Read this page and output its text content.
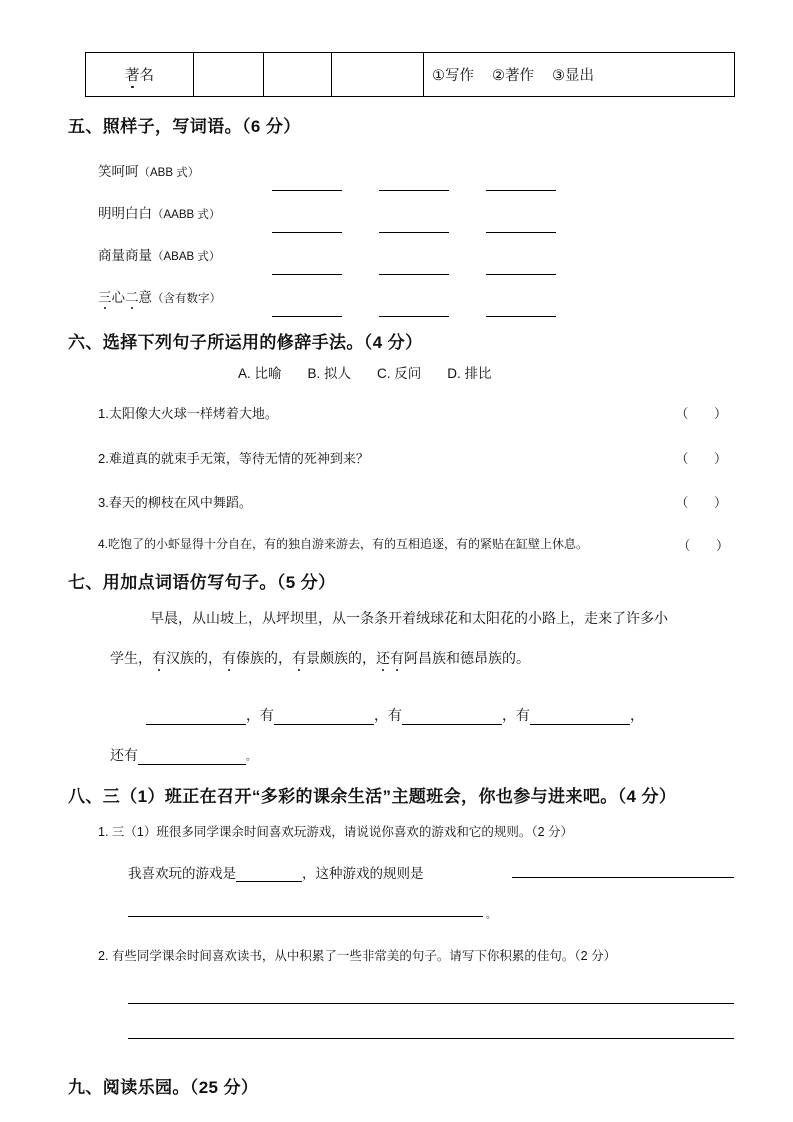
著名				①写作 ②著作 ③显出
五、照样子，写词语。（6 分）
笑呵呵（ABB 式）

明明白白（AABB 式）

商量商量（ABAB 式）

三心二意（含有数字）

六、选择下列句子所运用的修辞手法。（4 分）
A. 比喻 B. 拟人 C. 反问 D. 排比
1.太阳像大火球一样烤着大地。	（ ）
2.难道真的就束手无策，等待无情的死神到来？	（ ）
3.春天的柳枝在风中舞蹈。	（ ）
4.吃饱了的小虾显得十分自在，有的独自游来游去，有的互相追逐，有的紧贴在缸壁上休息。	（ ）
七、用加点词语仿写句子。（5 分）
早晨，从山坡上，从坪坝里，从一条条开着绒球花和太阳花的小路上，走来了许多小
学生，有汉族的，有傣族的，有景颇族的，还有阿昌族和德昂族的。
，有	，有	，有	，
还有	。
八、三（1）班正在召开“多彩的课余生活”主题班会，你也参与进来吧。（4 分）
1. 三（1）班很多同学课余时间喜欢玩游戏，请说说你喜欢的游戏和它的规则。（2 分）
我喜欢玩的游戏是	，这种游戏的规则是
。
2. 有些同学课余时间喜欢读书，从中积累了一些非常美的句子。请写下你积累的佳句。（2 分）
九、阅读乐园。（25 分）
